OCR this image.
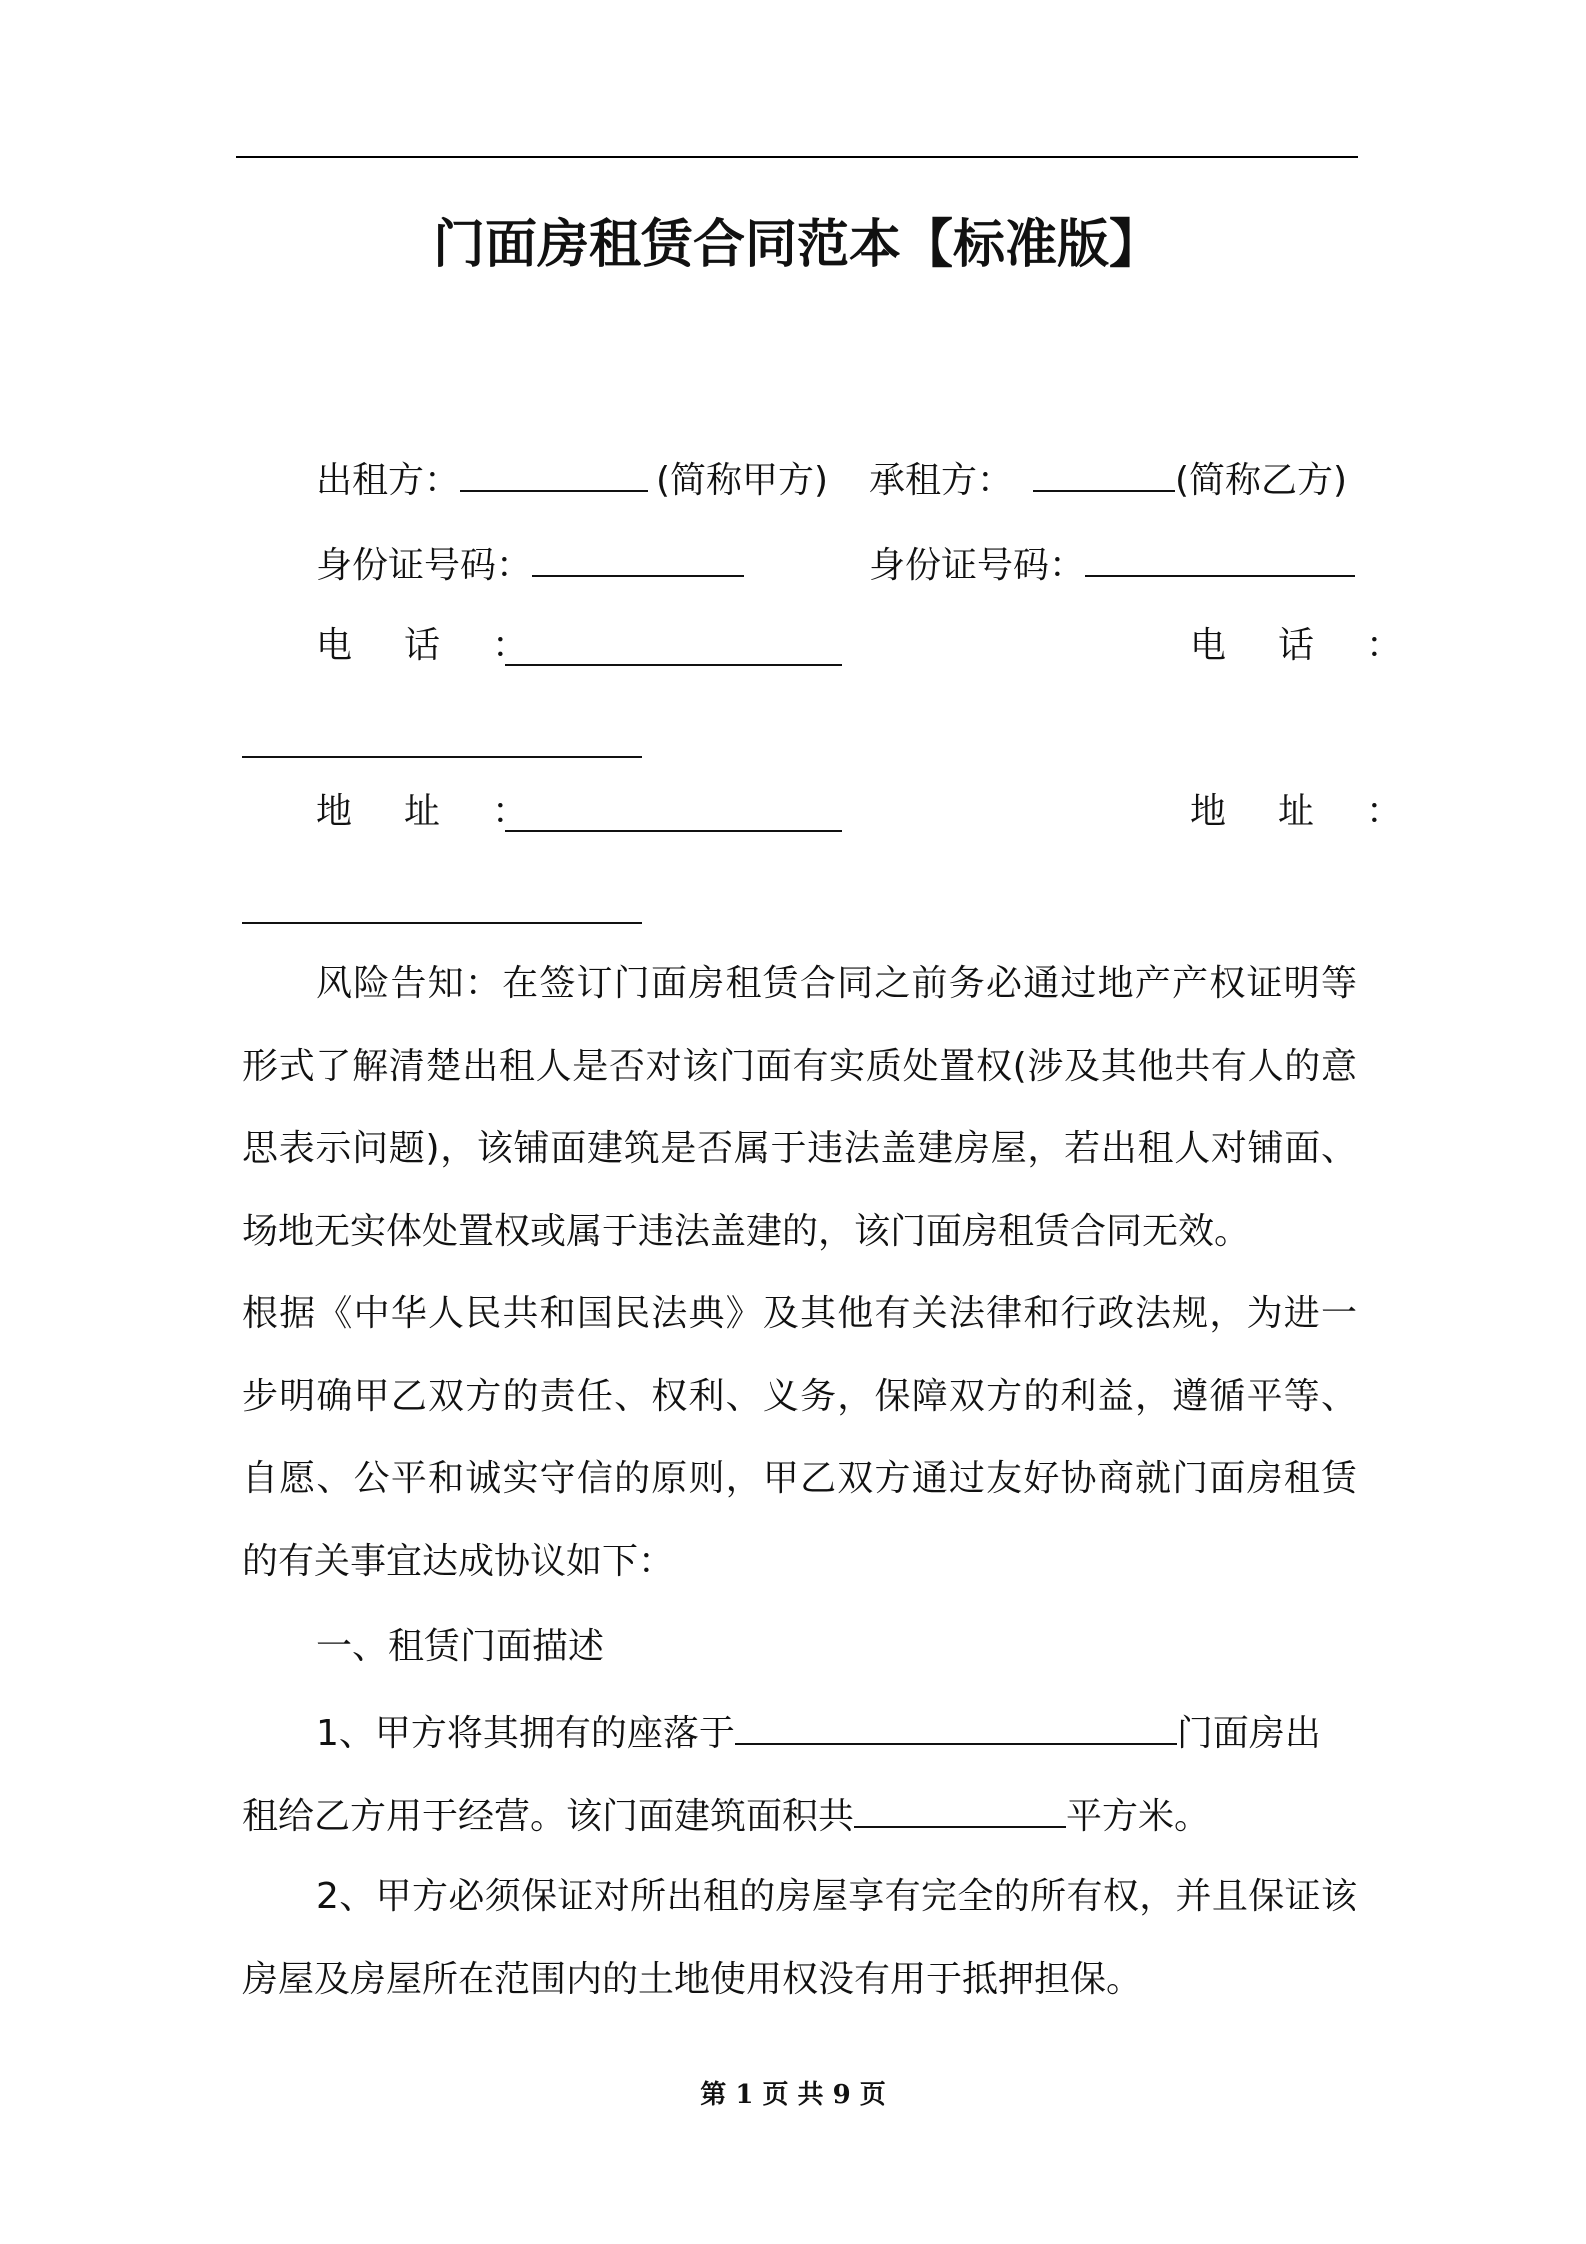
门面房租赁合同范本【标准版】
出租方：	(简称甲方) 承租方：	(简称乙方)
身份证号码：	身份证号码：
电　话　：	电　话　：
地　址　：	地　址　：
风险告知：在签订门面房租赁合同之前务必通过地产产权证明等形式了解清楚出租人是否对该门面有实质处置权(涉及其他共有人的意思表示问题)，该铺面建筑是否属于违法盖建房屋，若出租人对铺面、场地无实体处置权或属于违法盖建的，该门面房租赁合同无效。
根据《中华人民共和国民法典》及其他有关法律和行政法规，为进一步明确甲乙双方的责任、权利、义务，保障双方的利益，遵循平等、自愿、公平和诚实守信的原则，甲乙双方通过友好协商就门面房租赁的有关事宜达成协议如下：
一、租赁门面描述
1、甲方将其拥有的座落于	门面房出
租给乙方用于经营。该门面建筑面积共	平方米。
2、甲方必须保证对所出租的房屋享有完全的所有权，并且保证该房屋及房屋所在范围内的土地使用权没有用于抵押担保。
第 1 页 共 9 页
